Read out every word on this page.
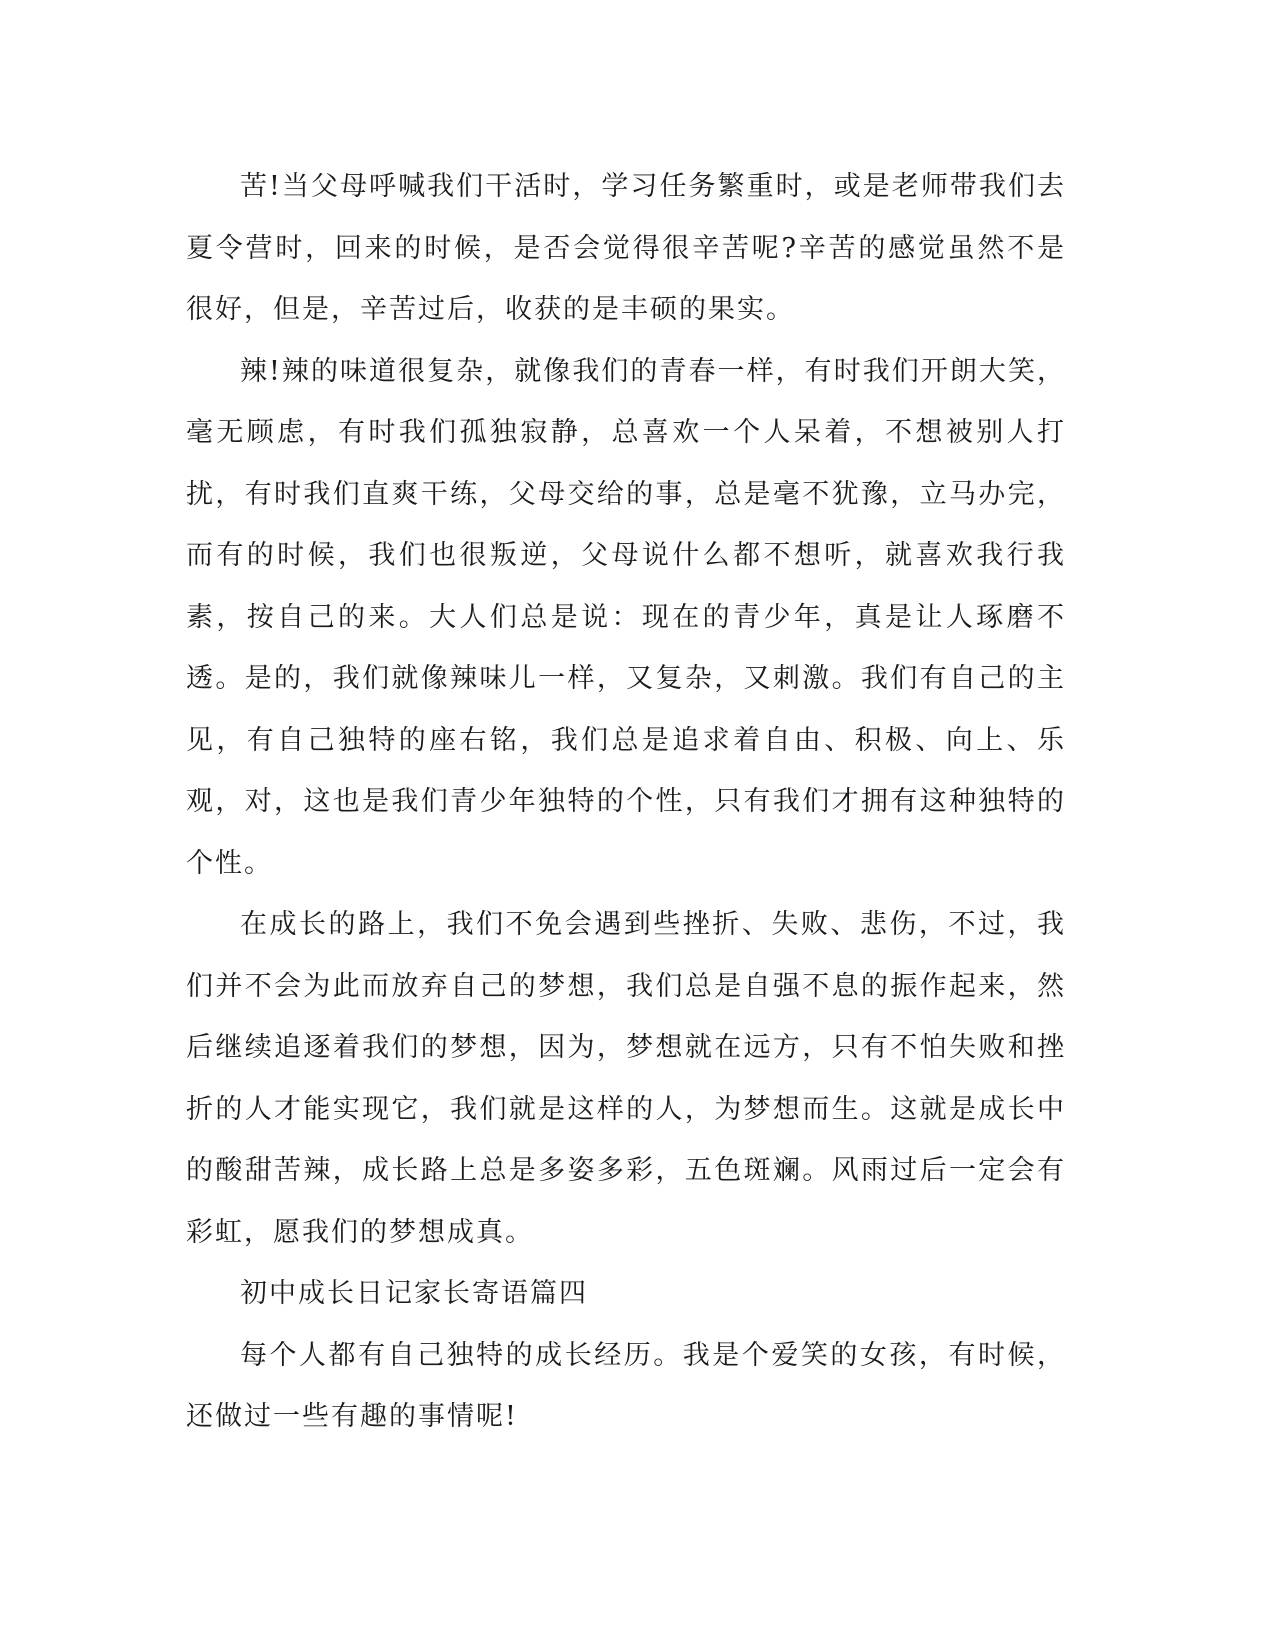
苦!当父母呼喊我们干活时，学习任务繁重时，或是老师带我们去夏令营时，回来的时候，是否会觉得很辛苦呢?辛苦的感觉虽然不是很好，但是，辛苦过后，收获的是丰硕的果实。

辣!辣的味道很复杂，就像我们的青春一样，有时我们开朗大笑，毫无顾虑，有时我们孤独寂静，总喜欢一个人呆着，不想被别人打扰，有时我们直爽干练，父母交给的事，总是毫不犹豫，立马办完，而有的时候，我们也很叛逆，父母说什么都不想听，就喜欢我行我素，按自己的来。大人们总是说：现在的青少年，真是让人琢磨不透。是的，我们就像辣味儿一样，又复杂，又刺激。我们有自己的主见，有自己独特的座右铭，我们总是追求着自由、积极、向上、乐观，对，这也是我们青少年独特的个性，只有我们才拥有这种独特的个性。

在成长的路上，我们不免会遇到些挫折、失败、悲伤，不过，我们并不会为此而放弃自己的梦想，我们总是自强不息的振作起来，然后继续追逐着我们的梦想，因为，梦想就在远方，只有不怕失败和挫折的人才能实现它，我们就是这样的人，为梦想而生。这就是成长中的酸甜苦辣，成长路上总是多姿多彩，五色斑斓。风雨过后一定会有彩虹，愿我们的梦想成真。

初中成长日记家长寄语篇四

每个人都有自己独特的成长经历。我是个爱笑的女孩，有时候，还做过一些有趣的事情呢!
